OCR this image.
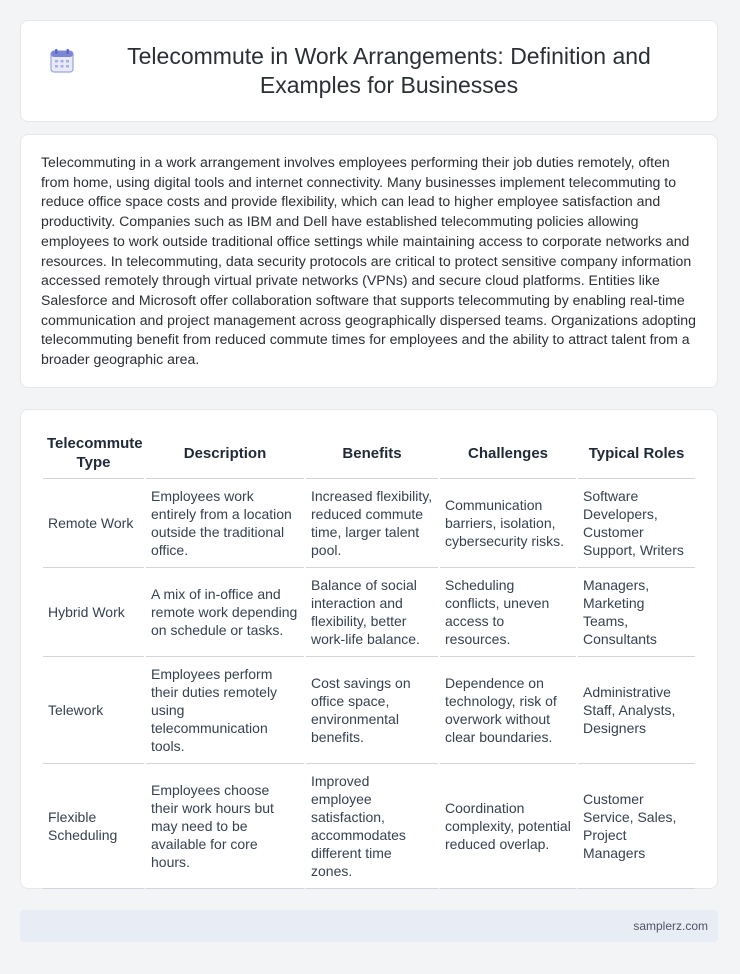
Telecommute in Work Arrangements: Definition and Examples for Businesses

Telecommuting in a work arrangement involves employees performing their job duties remotely, often from home, using digital tools and internet connectivity. Many businesses implement telecommuting to reduce office space costs and provide flexibility, which can lead to higher employee satisfaction and productivity. Companies such as IBM and Dell have established telecommuting policies allowing employees to work outside traditional office settings while maintaining access to corporate networks and resources. In telecommuting, data security protocols are critical to protect sensitive company information accessed remotely through virtual private networks (VPNs) and secure cloud platforms. Entities like Salesforce and Microsoft offer collaboration software that supports telecommuting by enabling real-time communication and project management across geographically dispersed teams. Organizations adopting telecommuting benefit from reduced commute times for employees and the ability to attract talent from a broader geographic area.

Telecommute Type	Description	Benefits	Challenges	Typical Roles
Remote Work	Employees work entirely from a location outside the traditional office.	Increased flexibility, reduced commute time, larger talent pool.	Communication barriers, isolation, cybersecurity risks.	Software Developers, Customer Support, Writers
Hybrid Work	A mix of in-office and remote work depending on schedule or tasks.	Balance of social interaction and flexibility, better work-life balance.	Scheduling conflicts, uneven access to resources.	Managers, Marketing Teams, Consultants
Telework	Employees perform their duties remotely using telecommunication tools.	Cost savings on office space, environmental benefits.	Dependence on technology, risk of overwork without clear boundaries.	Administrative Staff, Analysts, Designers
Flexible Scheduling	Employees choose their work hours but may need to be available for core hours.	Improved employee satisfaction, accommodates different time zones.	Coordination complexity, potential reduced overlap.	Customer Service, Sales, Project Managers
samplerz.com
